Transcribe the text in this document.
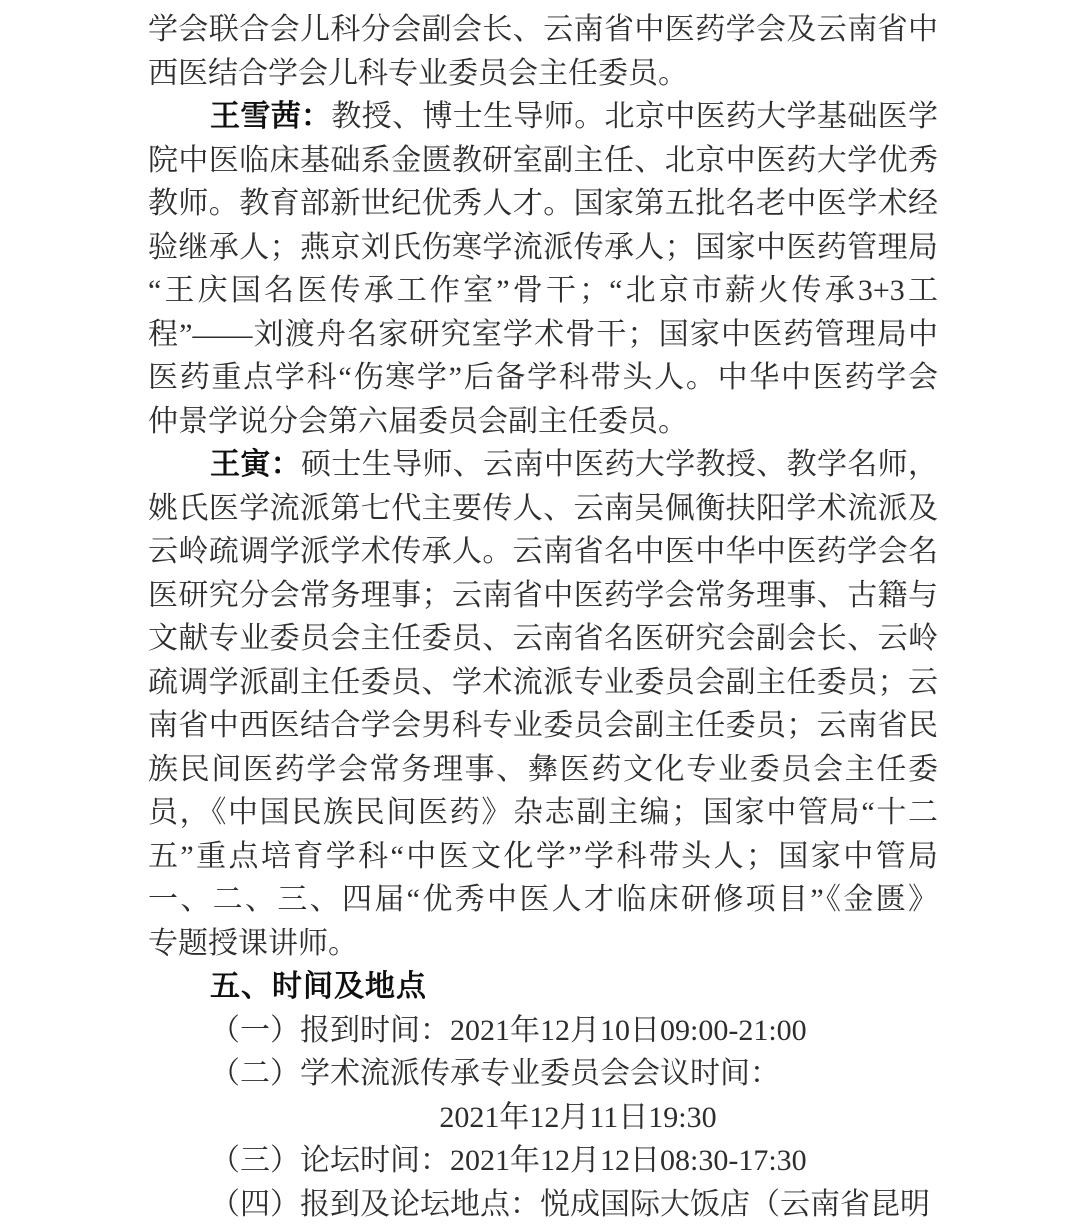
学会联合会儿科分会副会长、云南省中医药学会及云南省中
西医结合学会儿科专业委员会主任委员。
王雪茜：教授、博士生导师。北京中医药大学基础医学
院中医临床基础系金匮教研室副主任、北京中医药大学优秀
教师。教育部新世纪优秀人才。国家第五批名老中医学术经
验继承人；燕京刘氏伤寒学流派传承人；国家中医药管理局
“王庆国名医传承工作室”骨干；“北京市薪火传承3+3工
程”——刘渡舟名家研究室学术骨干；国家中医药管理局中
医药重点学科“伤寒学”后备学科带头人。中华中医药学会
仲景学说分会第六届委员会副主任委员。
王寅：硕士生导师、云南中医药大学教授、教学名师，
姚氏医学流派第七代主要传人、云南吴佩衡扶阳学术流派及
云岭疏调学派学术传承人。云南省名中医中华中医药学会名
医研究分会常务理事；云南省中医药学会常务理事、古籍与
文献专业委员会主任委员、云南省名医研究会副会长、云岭
疏调学派副主任委员、学术流派专业委员会副主任委员；云
南省中西医结合学会男科专业委员会副主任委员；云南省民
族民间医药学会常务理事、彝医药文化专业委员会主任委
员，《中国民族民间医药》杂志副主编；国家中管局“十二
五”重点培育学科“中医文化学”学科带头人；国家中管局
一、二、三、四届“优秀中医人才临床研修项目”《金匮》
专题授课讲师。
五、时间及地点
（一）报到时间：2021年12月10日09:00-21:00
（二）学术流派传承专业委员会会议时间：
2021年12月11日19:30
（三）论坛时间：2021年12月12日08:30-17:30
（四）报到及论坛地点：悦成国际大饭店（云南省昆明
